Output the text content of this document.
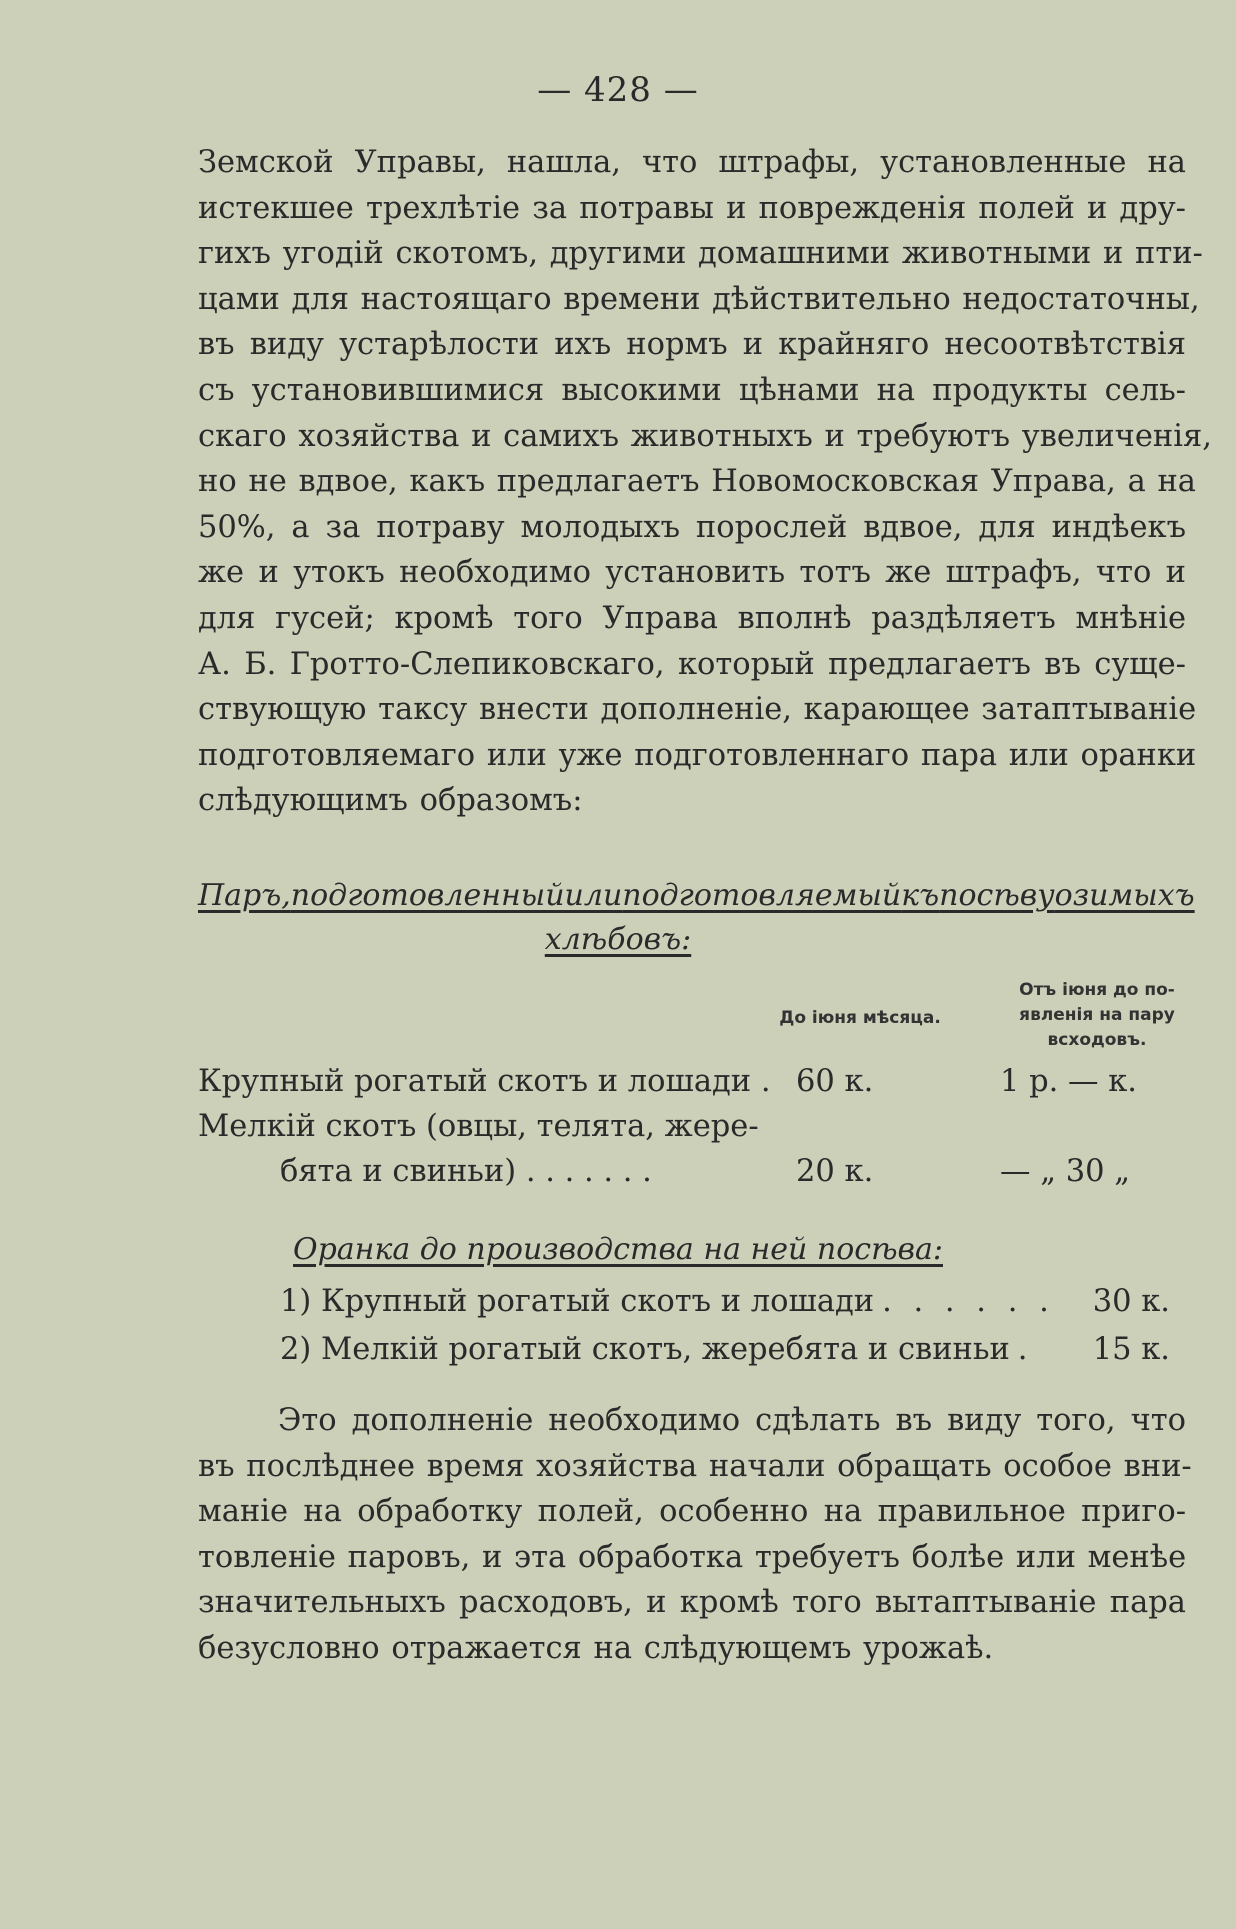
— 428 —
Земской Управы, нашла, что штрафы, установленные на
истекшее трехлѣтіе за потравы и поврежденія полей и дру-
гихъ угодій скотомъ, другими домашними животными и пти-
цами для настоящаго времени дѣйствительно недостаточны,
въ виду устарѣлости ихъ нормъ и крайняго несоотвѣтствія
съ установившимися высокими цѣнами на продукты сель-
скаго хозяйства и самихъ животныхъ и требуютъ увеличенія,
но не вдвое, какъ предлагаетъ Новомосковская Управа, а на
50%, а за потраву молодыхъ порослей вдвое, для индѣекъ
же и утокъ необходимо установить тотъ же штрафъ, что и
для гусей; кромѣ того Управа вполнѣ раздѣляетъ мнѣніе
А. Б. Гротто-Слепиковскаго, который предлагаетъ въ суще-
ствующую таксу внести дополненіе, карающее затаптываніе
подготовляемаго или уже подготовленнаго пара или оранки
слѣдующимъ образомъ:
Паръ, подготовленный или подготовляемый къ посѣву озимыхъ
хлѣбовъ:
До іюня мѣсяца.
Отъ іюня до по-
явленія на пару
всходовъ.
Крупный рогатый скотъ и лошади . 60 к.	1 р. — к.
Мелкій скотъ (овцы, телята, жере-
бята и свиньи) . . . . . . .	20 к.	— „ 30 „
Оранка до производства на ней посѣва:
1) Крупный рогатый скотъ и лошади . . . . . .	30 к.
2) Мелкій рогатый скотъ, жеребята и свиньи .	15 к.
Это дополненіе необходимо сдѣлать въ виду того, что
въ послѣднее время хозяйства начали обращать особое вни-
маніе на обработку полей, особенно на правильное приго-
товленіе паровъ, и эта обработка требуетъ болѣе или менѣе
значительныхъ расходовъ, и кромѣ того вытаптываніе пара
безусловно отражается на слѣдующемъ урожаѣ.
